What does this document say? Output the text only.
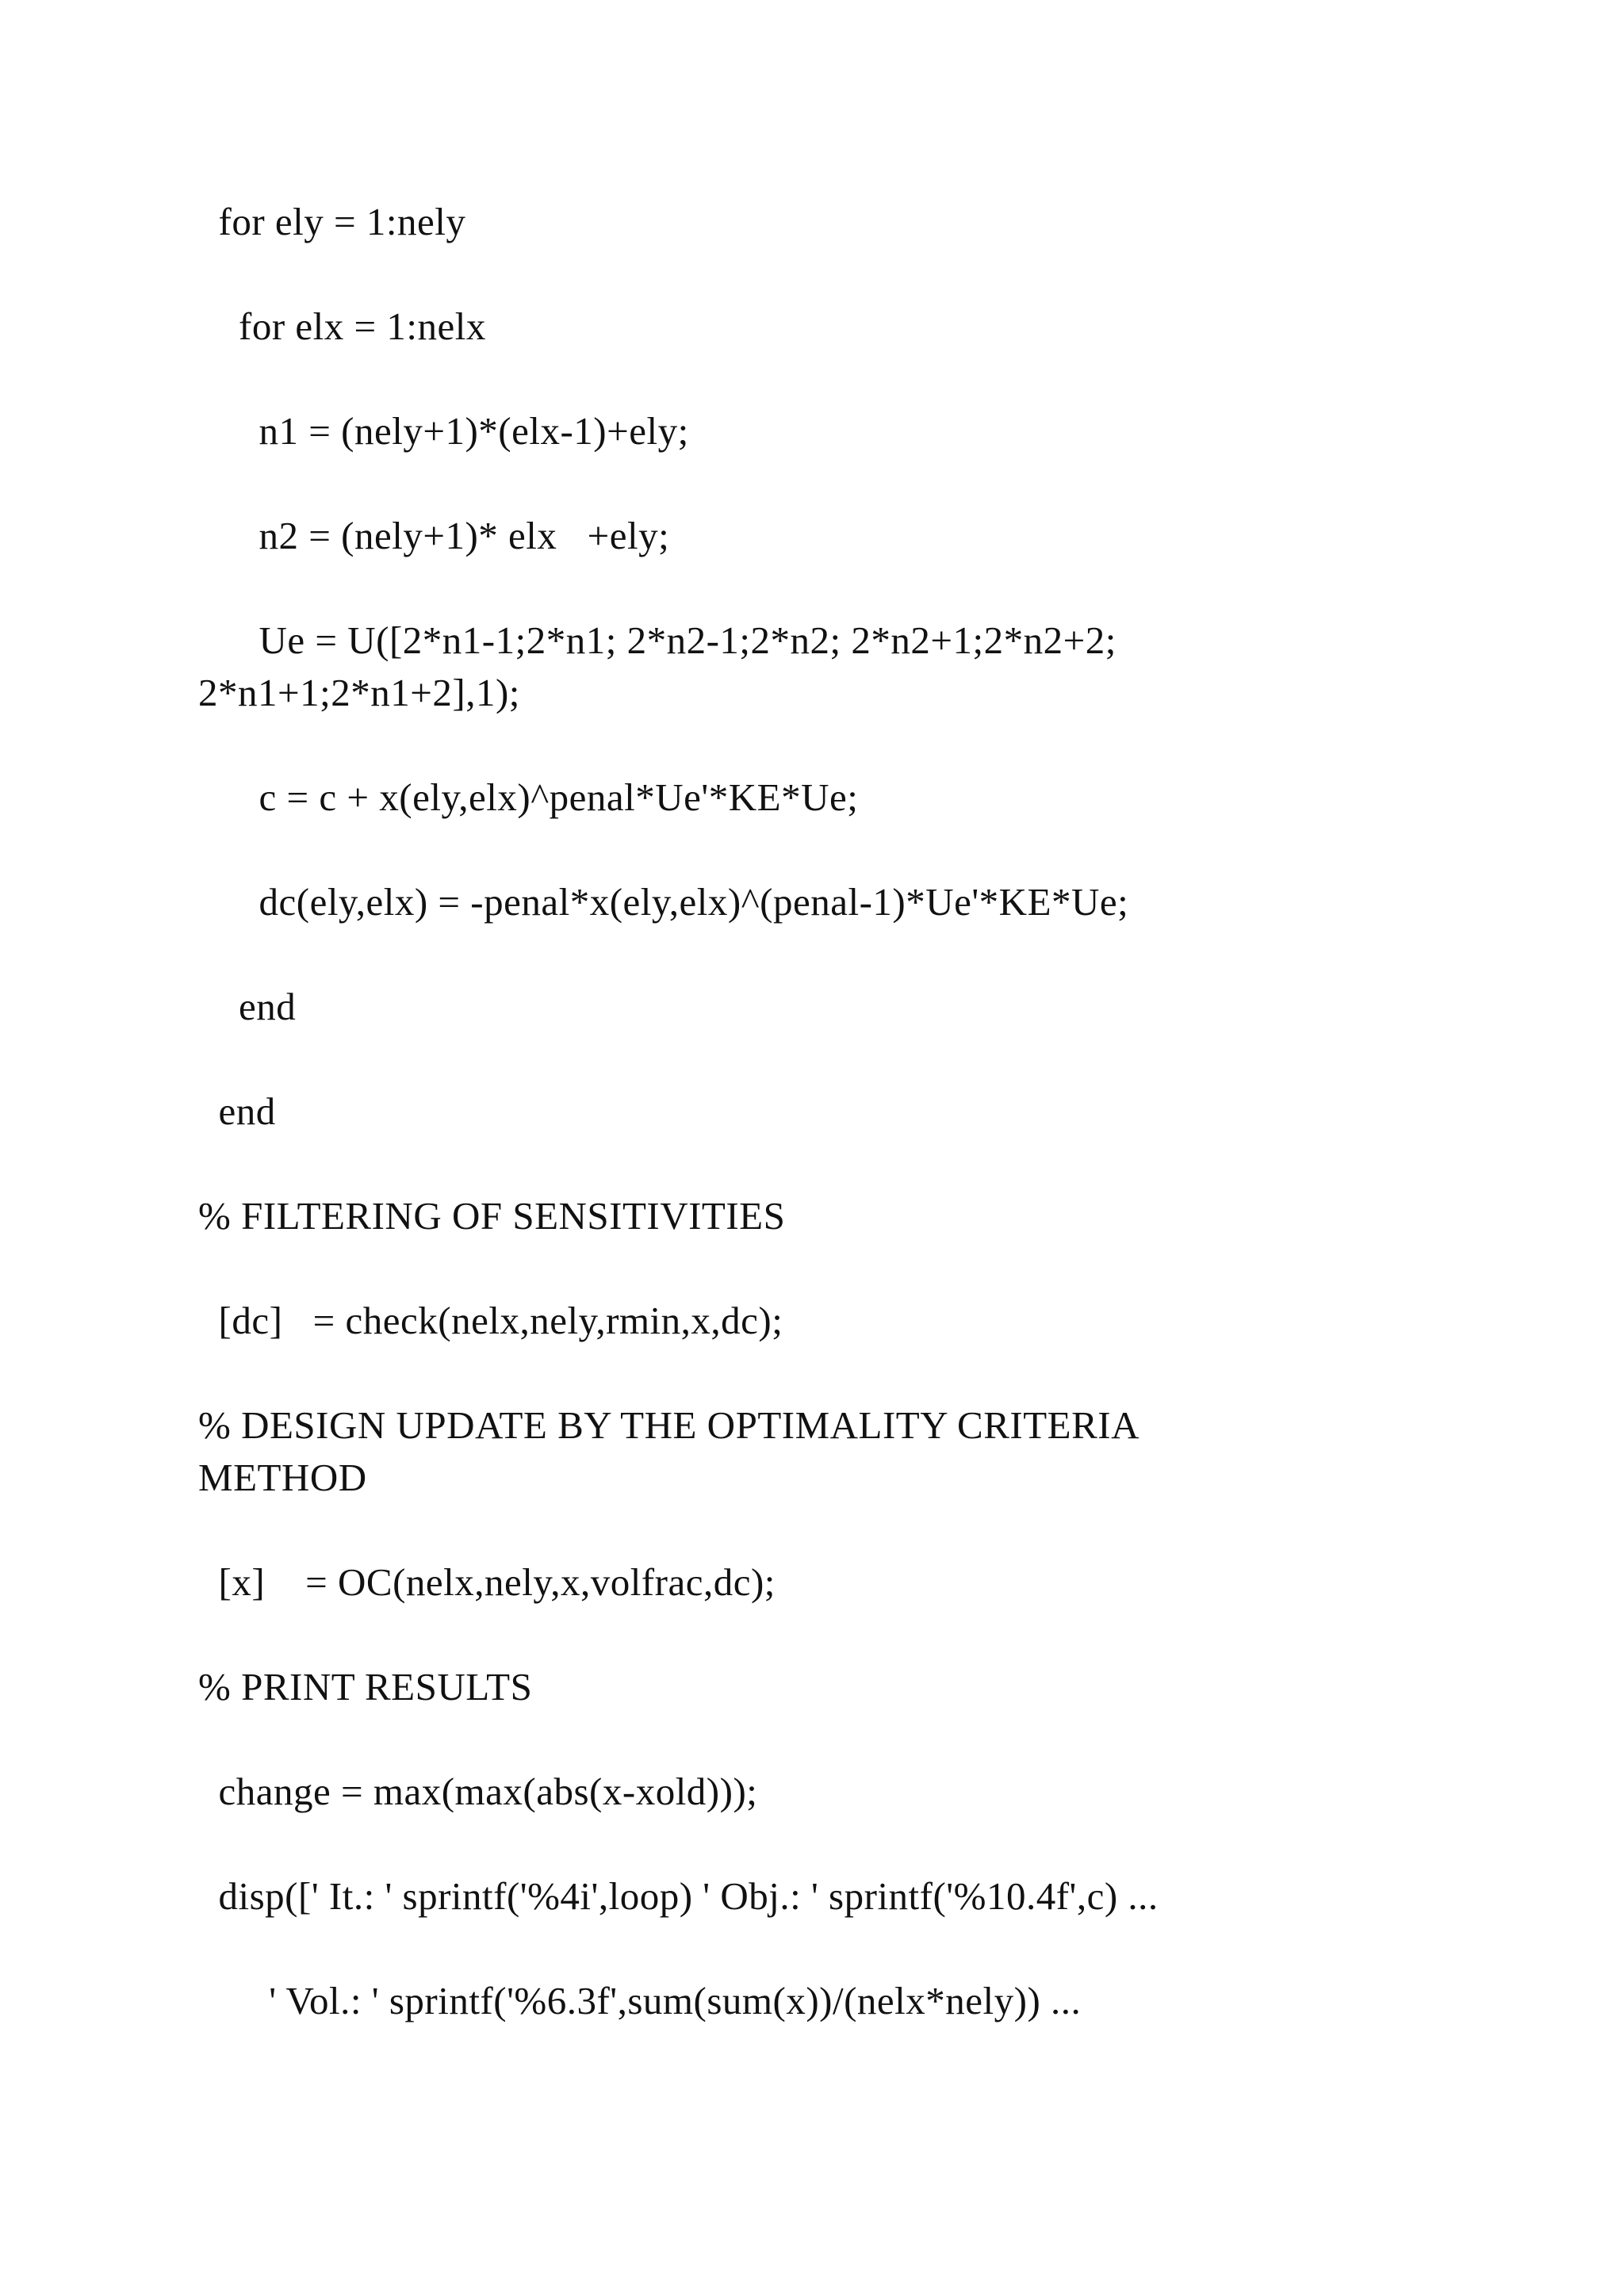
for ely = 1:nely
for elx = 1:nelx
n1 = (nely+1)*(elx-1)+ely;
n2 = (nely+1)* elx   +ely;
Ue = U([2*n1-1;2*n1; 2*n2-1;2*n2; 2*n2+1;2*n2+2;
2*n1+1;2*n1+2],1);
c = c + x(ely,elx)^penal*Ue'*KE*Ue;
dc(ely,elx) = -penal*x(ely,elx)^(penal-1)*Ue'*KE*Ue;
end
end
% FILTERING OF SENSITIVITIES
[dc]   = check(nelx,nely,rmin,x,dc);
% DESIGN UPDATE BY THE OPTIMALITY CRITERIA
METHOD
[x]    = OC(nelx,nely,x,volfrac,dc);
% PRINT RESULTS
change = max(max(abs(x-xold)));
disp([' It.: ' sprintf('%4i',loop) ' Obj.: ' sprintf('%10.4f',c) ...
' Vol.: ' sprintf('%6.3f',sum(sum(x))/(nelx*nely)) ...
